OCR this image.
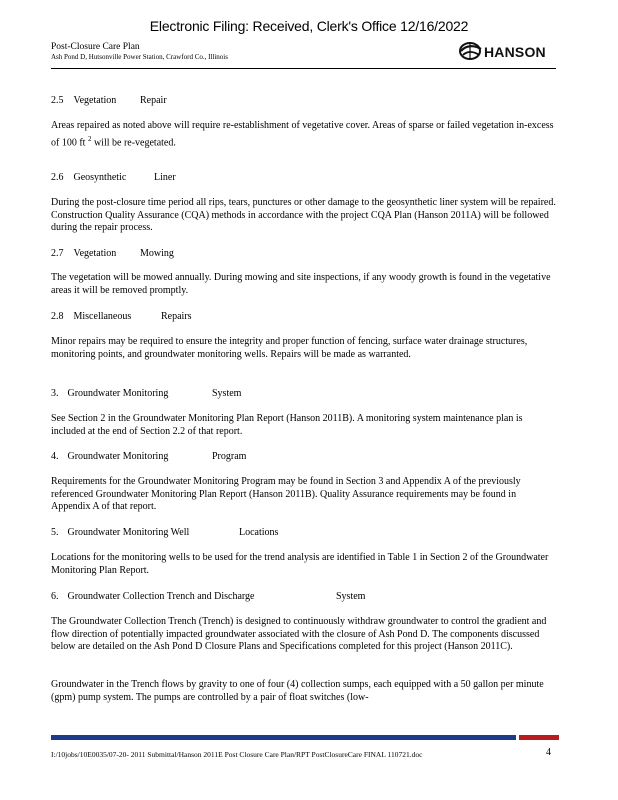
Electronic Filing: Received, Clerk's Office 12/16/2022
Post-Closure Care Plan
Ash Pond D, Hutsonville Power Station, Crawford Co., Illinois	HANSON
2.5 Vegetation Repair
Areas repaired as noted above will require re-establishment of vegetative cover. Areas of sparse or failed vegetation in-excess of 100 ft $^2$ will be re-vegetated.
2.6 Geosynthetic	Liner
During the post-closure time period all rips, tears, punctures or other damage to the geosynthetic liner system will be repaired. Construction Quality Assurance (CQA) methods in accordance with the project CQA Plan (Hanson 2011A) will be followed during the repair process.
2.7 Vegetation Mowing
The vegetation will be mowed annually. During mowing and site inspections, if any woody growth is found in the vegetative areas it will be removed promptly.
2.8 Miscellaneous	Repairs
Minor repairs may be required to ensure the integrity and proper function of fencing, surface water drainage structures, monitoring points, and groundwater monitoring wells. Repairs will be made as warranted.
3. Groundwater Monitoring	System
See Section 2 in the Groundwater Monitoring Plan Report (Hanson 2011B). A monitoring system maintenance plan is included at the end of Section 2.2 of that report.
4. Groundwater Monitoring	Program
Requirements for the Groundwater Monitoring Program may be found in Section 3 and Appendix A of the previously referenced Groundwater Monitoring Plan Report (Hanson 2011B). Quality Assurance requirements may be found in Appendix A of that report.
5. Groundwater Monitoring Well	Locations
Locations for the monitoring wells to be used for the trend analysis are identified in Table 1 in Section 2 of the Groundwater Monitoring Plan Report.
6. Groundwater Collection Trench and Discharge	System
The Groundwater Collection Trench (Trench) is designed to continuously withdraw groundwater to control the gradient and flow direction of potentially impacted groundwater associated with the closure of Ash Pond D. The components discussed below are detailed on the Ash Pond D Closure Plans and Specifications completed for this project (Hanson 2011C).
Groundwater in the Trench flows by gravity to one of four (4) collection sumps, each equipped with a 50 gallon per minute (gpm) pump system. The pumps are controlled by a pair of float switches (low-
I:/10jobs/10E0035/07-20- 2011 Submittal/Hanson 2011E Post Closure Care Plan/RPT PostClosureCare FINAL 110721.doc	4
